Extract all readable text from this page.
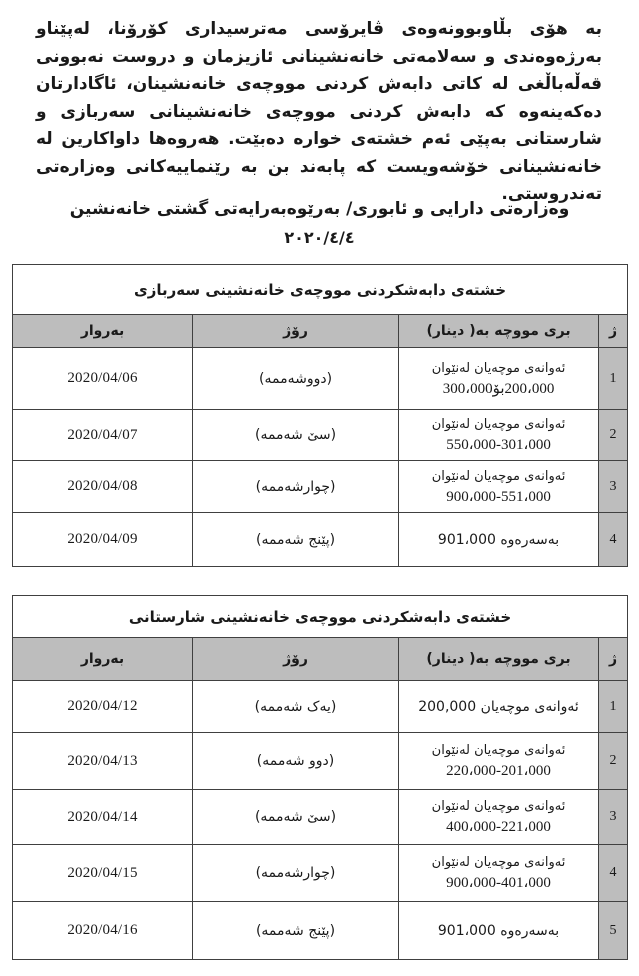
بە هۆی بڵاوبوونەوەی ڤایرۆسی مەترسیداری کۆرۆنا، لەپێناو بەرژەوەندی و سەلامەتی خانەنشینانی ئازیزمان و دروست نەبوونی قەڵەباڵغی لە کاتی دابەش کردنی مووچەی خانەنشینان، ئاگادارتان دەکەینەوە کە دابەش کردنی مووچەی خانەنشینانی سەربازی و شارستانی بەپێی ئەم خشتەی خوارە دەبێت. هەروەها داواکارین لە خانەنشینانی خۆشەویست کە پابەند بن بە رێنماییەکانی وەزارەتی تەندروستی.

وەزارەتی دارایی و ئابوری/ بەرێوەبەرایەتی گشتی خانەنشین
٢٠٢٠/٤/٤
خشتەی دابەشکردنی مووچەی خانەنشینی سەربازی			
ژ	بری مووچە بە( دینار)	رۆژ	بەروار
1	ئەوانەی موچەیان لەنێوان
200،000بۆ300،000	(دووشەممە)	2020/04/06
2	ئەوانەی موچەیان لەنێوان
550،000-301،000	(سێ شەممە)	2020/04/07
3	ئەوانەی موچەیان لەنێوان
900،000-551،000	(چوارشەممە)	2020/04/08
4	بەسەرەوە 901،000	(پێنج شەممە)	2020/04/09
خشتەی دابەشکردنی مووچەی خانەنشینی شارستانی			
ژ	بری مووچە بە( دینار)	رۆژ	بەروار
1	ئەوانەی موچەیان 200,000	(یەک شەممە)	2020/04/12
2	ئەوانەی موچەیان لەنێوان
220،000-201،000	(دوو شەممە)	2020/04/13
3	ئەوانەی موچەیان لەنێوان
400،000-221،000	(سێ شەممە)	2020/04/14
4	ئەوانەی موچەیان لەنێوان
900،000-401،000	(چوارشەممە)	2020/04/15
5	بەسەرەوە 901،000	(پێنج شەممە)	2020/04/16
